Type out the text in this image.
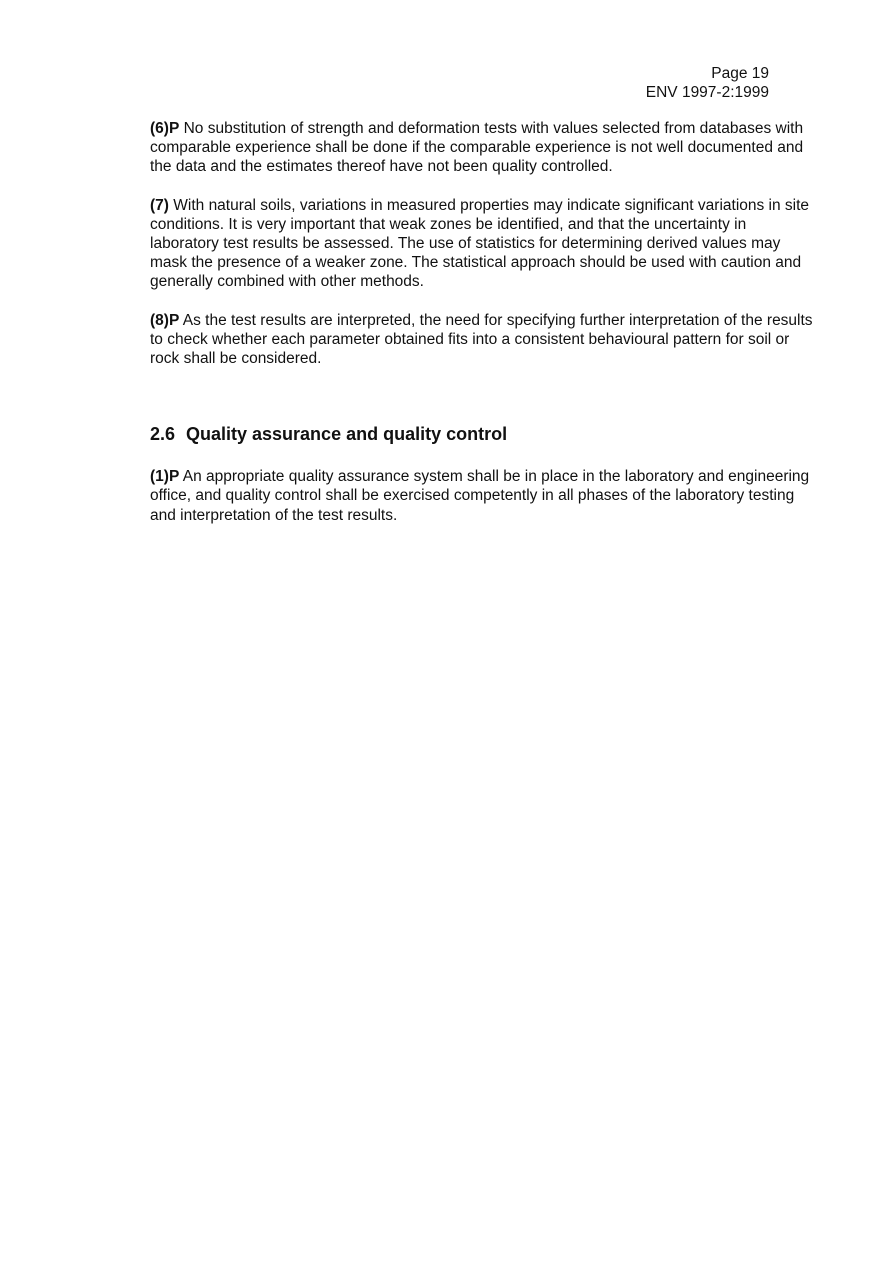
Page 19
ENV 1997-2:1999

(6)P No substitution of strength and deformation tests with values selected from databases with comparable experience shall be done if the comparable experience is not well documented and the data and the estimates thereof have not been quality controlled.

(7) With natural soils, variations in measured properties may indicate significant variations in site conditions. It is very important that weak zones be identified, and that the uncertainty in laboratory test results be assessed. The use of statistics for determining derived values may mask the presence of a weaker zone. The statistical approach should be used with caution and generally combined with other methods.

(8)P As the test results are interpreted, the need for specifying further interpretation of the results to check whether each parameter obtained fits into a consistent behavioural pattern for soil or rock shall be considered.

2.6 Quality assurance and quality control

(1)P An appropriate quality assurance system shall be in place in the laboratory and engineering office, and quality control shall be exercised competently in all phases of the laboratory testing and interpretation of the test results.
